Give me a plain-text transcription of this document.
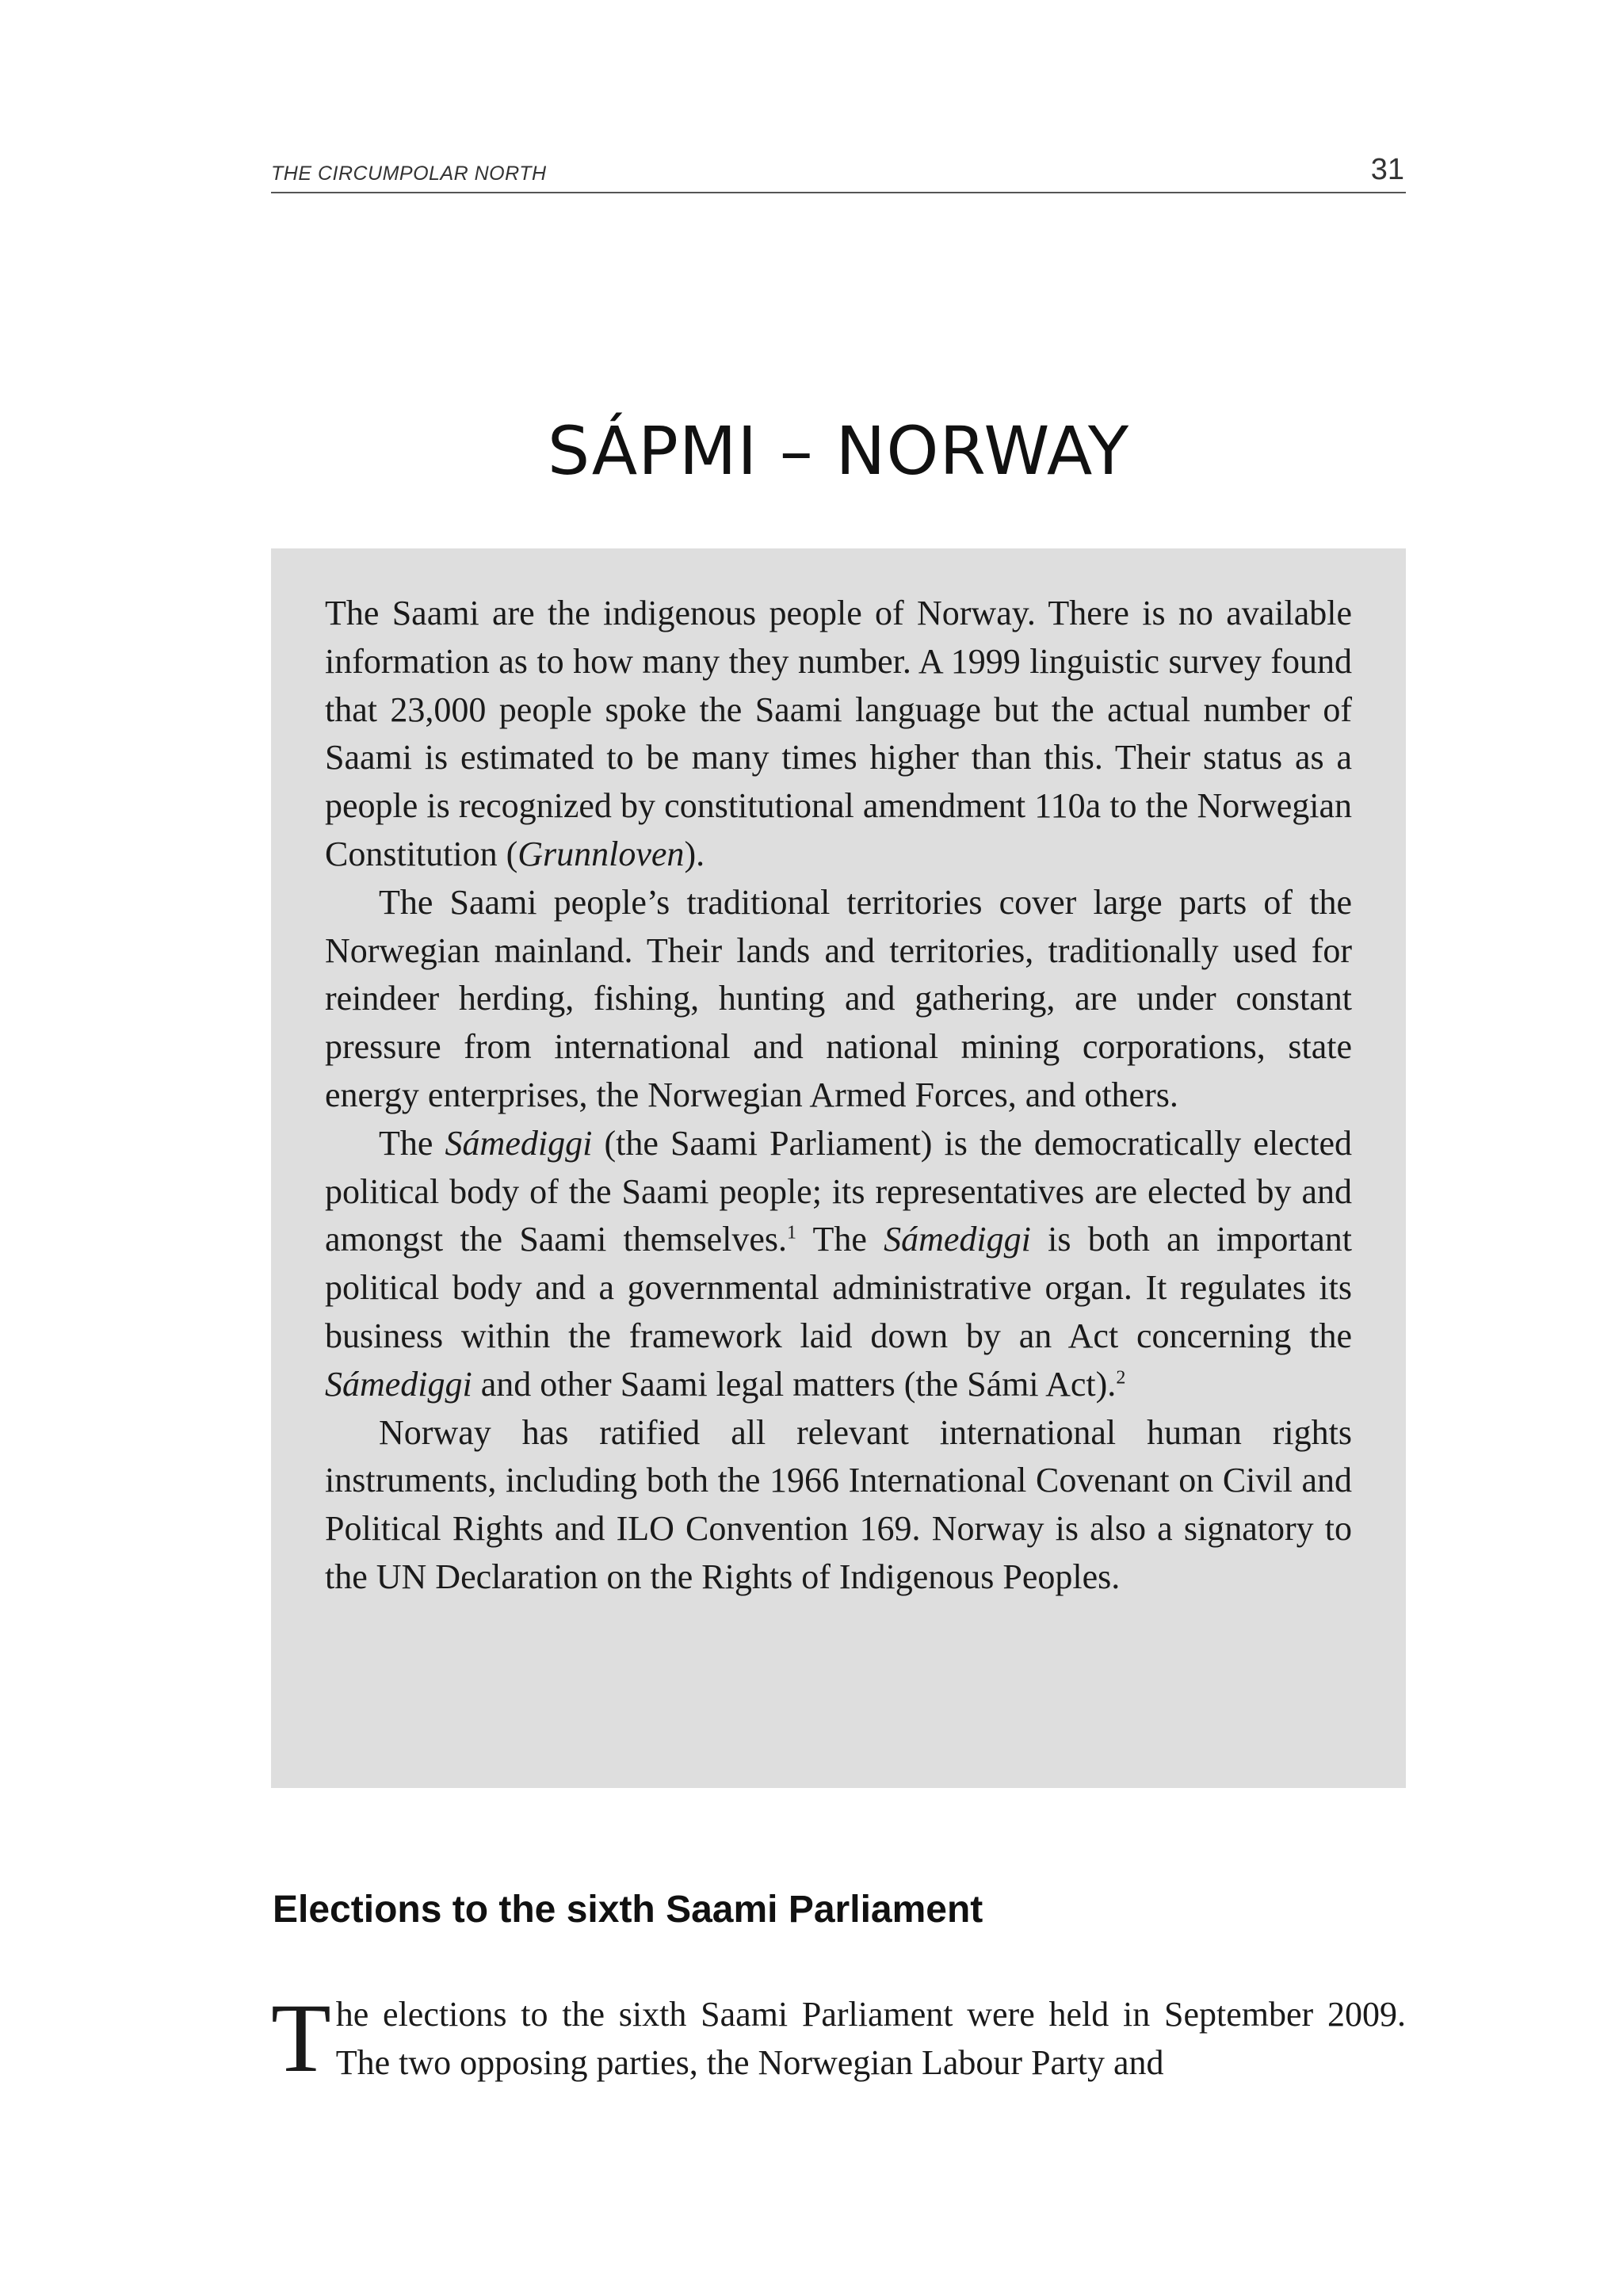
THE CIRCUMPOLAR NORTH	31
SÁPMI – NORWAY

The Saami are the indigenous people of Norway. There is no available information as to how many they number. A 1999 linguistic survey found that 23,000 people spoke the Saami language but the actual number of Saami is estimated to be many times higher than this. Their status as a people is recognized by constitutional amendment 110a to the Norwegian Constitution (Grunnloven).

The Saami people’s traditional territories cover large parts of the Norwegian mainland. Their lands and territories, traditionally used for reindeer herding, fishing, hunting and gathering, are under constant pressure from international and national mining corporations, state energy enterprises, the Norwegian Armed Forces, and others.

The Sámediggi (the Saami Parliament) is the democratically elected political body of the Saami people; its representatives are elected by and amongst the Saami themselves.$^1$ The Sámediggi is both an important political body and a governmental administrative organ. It regulates its business within the framework laid down by an Act concerning the Sámediggi and other Saami legal matters (the Sámi Act).$^2$

Norway has ratified all relevant international human rights instruments, including both the 1966 International Covenant on Civil and Political Rights and ILO Convention 169. Norway is also a signatory to the UN Declaration on the Rights of Indigenous Peoples.

Elections to the sixth Saami Parliament

The elections to the sixth Saami Parliament were held in September 2009. The two opposing parties, the Norwegian Labour Party and
